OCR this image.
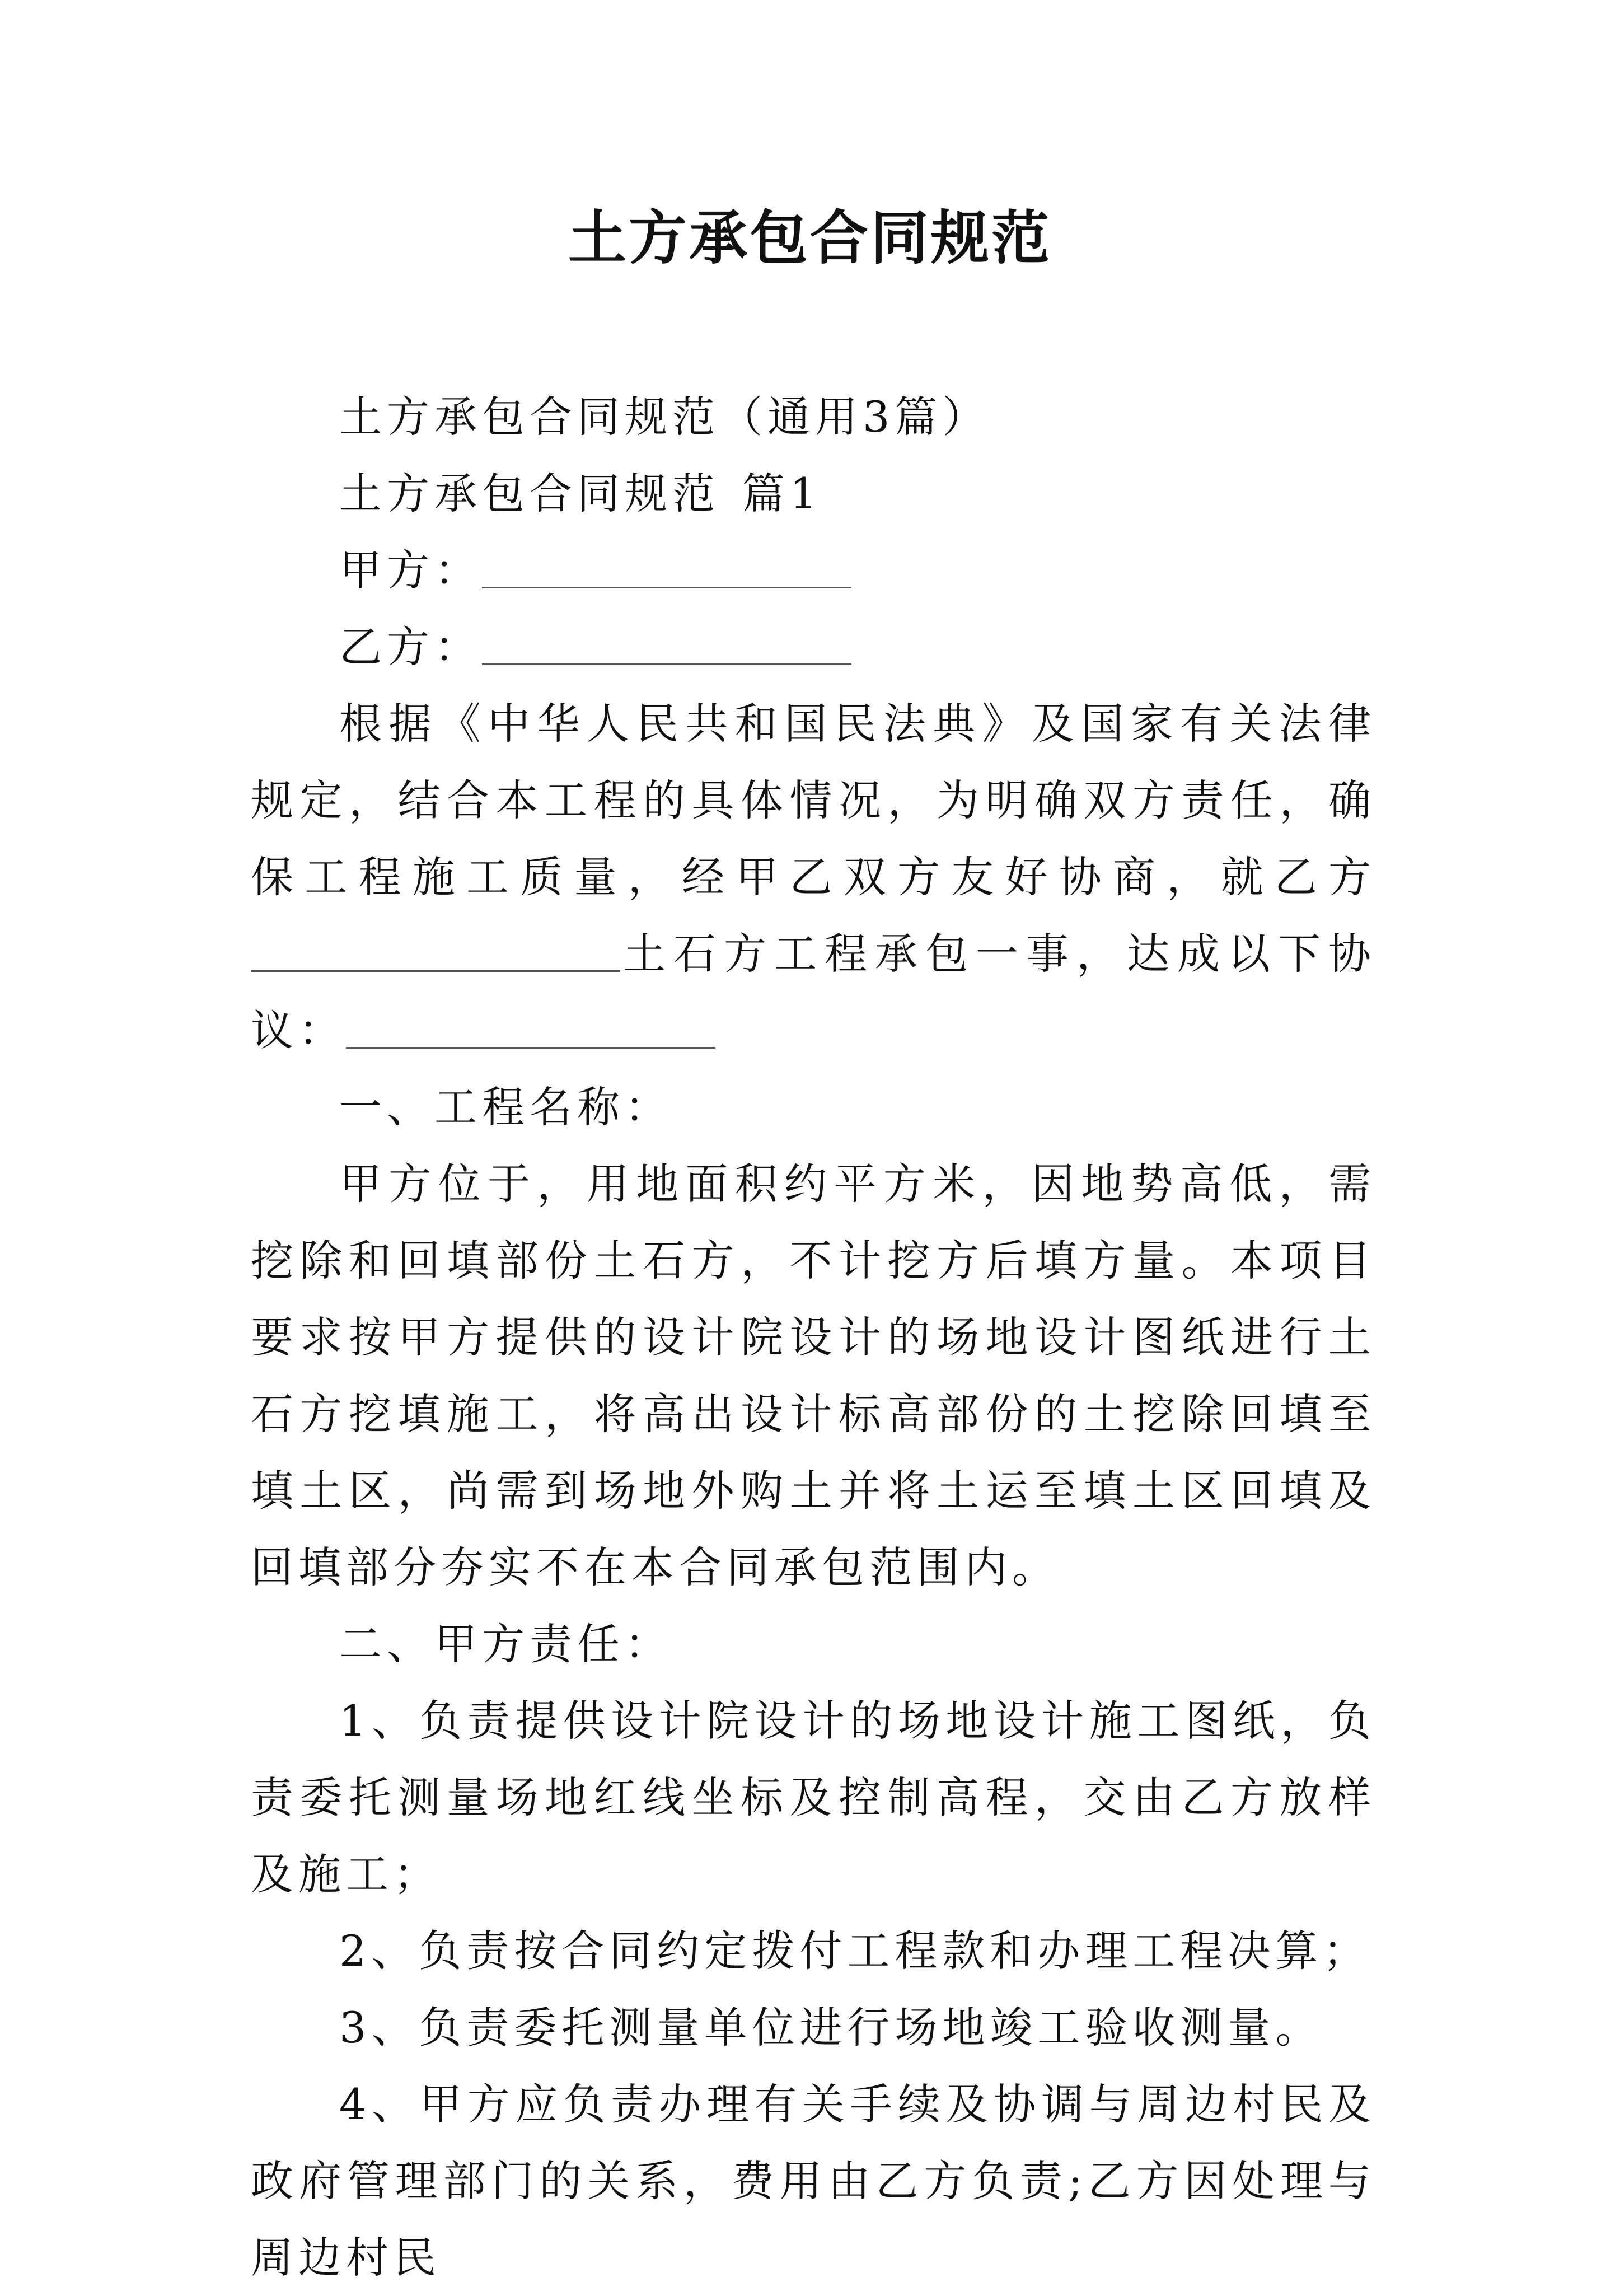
土方承包合同规范

土方承包合同规范（通用3篇）

土方承包合同规范 篇1

甲方：

乙方：

根据《中华人民共和国民法典》及国家有关法律规定，结合本工程的具体情况，为明确双方责任，确保工程施工质量，经甲乙双方友好协商，就乙方土石方工程承包一事，达成以下协议：

一、工程名称：

甲方位于，用地面积约平方米，因地势高低，需挖除和回填部份土石方，不计挖方后填方量。本项目要求按甲方提供的设计院设计的场地设计图纸进行土石方挖填施工，将高出设计标高部份的土挖除回填至填土区，尚需到场地外购土并将土运至填土区回填及回填部分夯实不在本合同承包范围内。

二、甲方责任：

1、负责提供设计院设计的场地设计施工图纸，负责委托测量场地红线坐标及控制高程，交由乙方放样及施工；

2、负责按合同约定拨付工程款和办理工程决算；

3、负责委托测量单位进行场地竣工验收测量。

4、甲方应负责办理有关手续及协调与周边村民及政府管理部门的关系，费用由乙方负责;乙方因处理与周边村民
